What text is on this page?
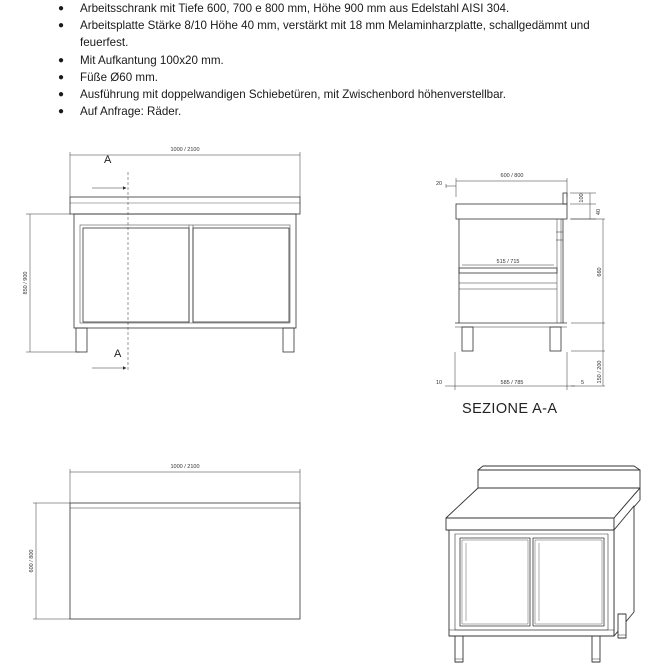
● Arbeitsschrank mit Tiefe 600, 700 e 800 mm, Höhe 900 mm aus Edelstahl AISI 304.
● Arbeitsplatte Stärke 8/10 Höhe 40 mm, verstärkt mit 18 mm Melaminharzplatte, schallgedämmt und feuerfest.
● Mit Aufkantung 100x20 mm.
● Füße Ø60 mm.
● Ausführung mit doppelwandigen Schiebetüren, mit Zwischenbord höhenverstellbar.
● Auf Anfrage: Räder.
1000 / 2100
850 / 900
A
A
600 / 800
20
100
40
515 / 715
660
585 / 785
10	5 150 / 200
1000 / 2100
600 / 800
SEZIONE A-A
